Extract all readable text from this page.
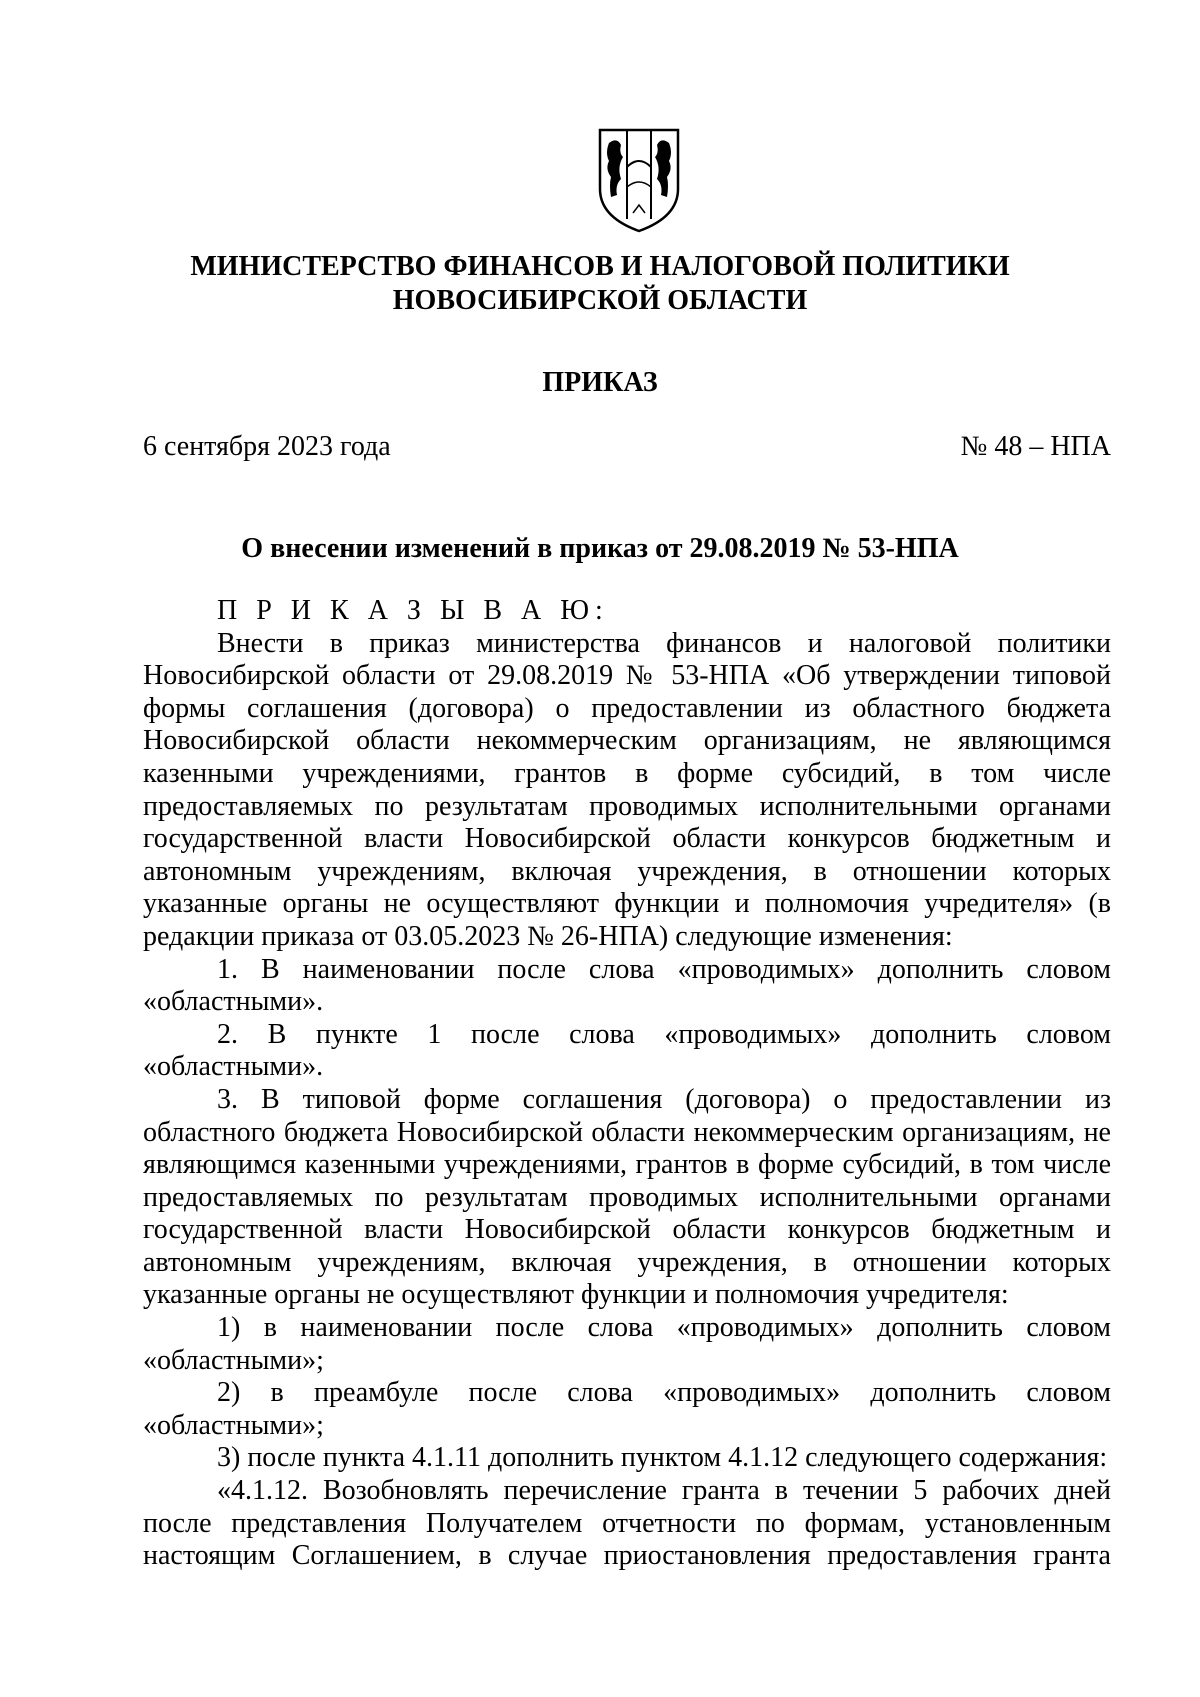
МИНИСТЕРСТВО ФИНАНСОВ И НАЛОГОВОЙ ПОЛИТИКИ
НОВОСИБИРСКОЙ ОБЛАСТИ
ПРИКАЗ
6 сентября 2023 года	№ 48 – НПА
О внесении изменений в приказ от 29.08.2019 № 53-НПА

П Р И К А З Ы В А Ю:

Внести в приказ министерства финансов и налоговой политики Новосибирской области от 29.08.2019 № 53-НПА «Об утверждении типовой формы соглашения (договора) о предоставлении из областного бюджета Новосибирской области некоммерческим организациям, не являющимся казенными учреждениями, грантов в форме субсидий, в том числе предоставляемых по результатам проводимых исполнительными органами государственной власти Новосибирской области конкурсов бюджетным и автономным учреждениям, включая учреждения, в отношении которых указанные органы не осуществляют функции и полномочия учредителя» (в редакции приказа от 03.05.2023 № 26-НПА) следующие изменения:

1. В наименовании после слова «проводимых» дополнить словом «областными».

2. В пункте 1 после слова «проводимых» дополнить словом «областными».

3. В типовой форме соглашения (договора) о предоставлении из областного бюджета Новосибирской области некоммерческим организациям, не являющимся казенными учреждениями, грантов в форме субсидий, в том числе предоставляемых по результатам проводимых исполнительными органами государственной власти Новосибирской области конкурсов бюджетным и автономным учреждениям, включая учреждения, в отношении которых указанные органы не осуществляют функции и полномочия учредителя:

1) в наименовании после слова «проводимых» дополнить словом «областными»;

2) в преамбуле после слова «проводимых» дополнить словом «областными»;

3) после пункта 4.1.11 дополнить пунктом 4.1.12 следующего содержания:

«4.1.12. Возобновлять перечисление гранта в течении 5 рабочих дней после представления Получателем отчетности по формам, установленным настоящим Соглашением, в случае приостановления предоставления гранта
